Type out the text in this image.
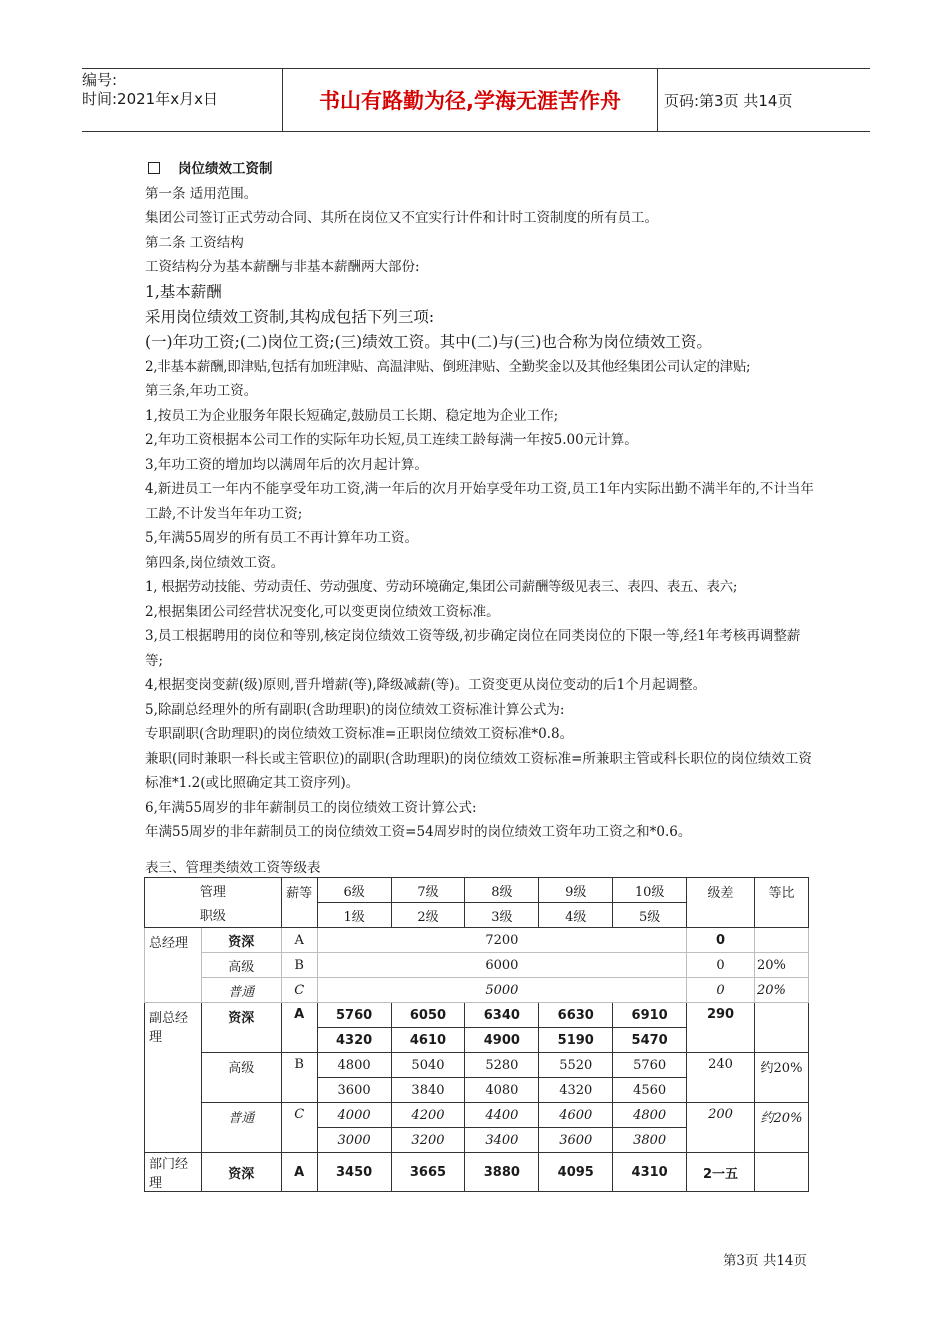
编号:
时间:2021年x月x日	书山有路勤为径,学海无涯苦作舟	页码:第3页 共14页

岗位绩效工资制

第一条 适用范围。

集团公司签订正式劳动合同、其所在岗位又不宜实行计件和计时工资制度的所有员工。

第二条 工资结构

工资结构分为基本薪酬与非基本薪酬两大部份:

1,基本薪酬

采用岗位绩效工资制,其构成包括下列三项:

(一)年功工资;(二)岗位工资;(三)绩效工资。其中(二)与(三)也合称为岗位绩效工资。

2,非基本薪酬,即津贴,包括有加班津贴、高温津贴、倒班津贴、全勤奖金以及其他经集团公司认定的津贴;

第三条,年功工资。

1,按员工为企业服务年限长短确定,鼓励员工长期、稳定地为企业工作;

2,年功工资根据本公司工作的实际年功长短,员工连续工龄每满一年按5.00元计算。

3,年功工资的增加均以满周年后的次月起计算。

4,新进员工一年内不能享受年功工资,满一年后的次月开始享受年功工资,员工1年内实际出勤不满半年的,不计当年工龄,不计发当年年功工资;

5,年满55周岁的所有员工不再计算年功工资。

第四条,岗位绩效工资。

1, 根据劳动技能、劳动责任、劳动强度、劳动环境确定,集团公司薪酬等级见表三、表四、表五、表六;

2,根据集团公司经营状况变化,可以变更岗位绩效工资标准。

3,员工根据聘用的岗位和等别,核定岗位绩效工资等级,初步确定岗位在同类岗位的下限一等,经1年考核再调整薪等;

4,根据变岗变薪(级)原则,晋升增薪(等),降级减薪(等)。工资变更从岗位变动的后1个月起调整。

5,除副总经理外的所有副职(含助理职)的岗位绩效工资标准计算公式为:

专职副职(含助理职)的岗位绩效工资标准=正职岗位绩效工资标准*0.8。

兼职(同时兼职一科长或主管职位)的副职(含助理职)的岗位绩效工资标准=所兼职主管或科长职位的岗位绩效工资标准*1.2(或比照确定其工资序列)。

6,年满55周岁的非年薪制员工的岗位绩效工资计算公式:

年满55周岁的非年薪制员工的岗位绩效工资=54周岁时的岗位绩效工资年功工资之和*0.6。

表三、管理类绩效工资等级表
管理		薪等	6级	7级	8级	9级	10级	级差	等比
职级			1级	2级	3级	4级	5级		
总经理	资深	A	7200					0	
	高级	B	6000					0	20%
	普通	C	5000					0	20%
副总经理	资深	A	5760	6050	6340	6630	6910	290	
			4320	4610	4900	5190	5470		
	高级	B	4800	5040	5280	5520	5760	240	约20%
			3600	3840	4080	4320	4560		
	普通	C	4000	4200	4400	4600	4800	200	约20%
			3000	3200	3400	3600	3800		
部门经理	资深	A	3450	3665	3880	4095	4310	2一五	
第3页 共14页
